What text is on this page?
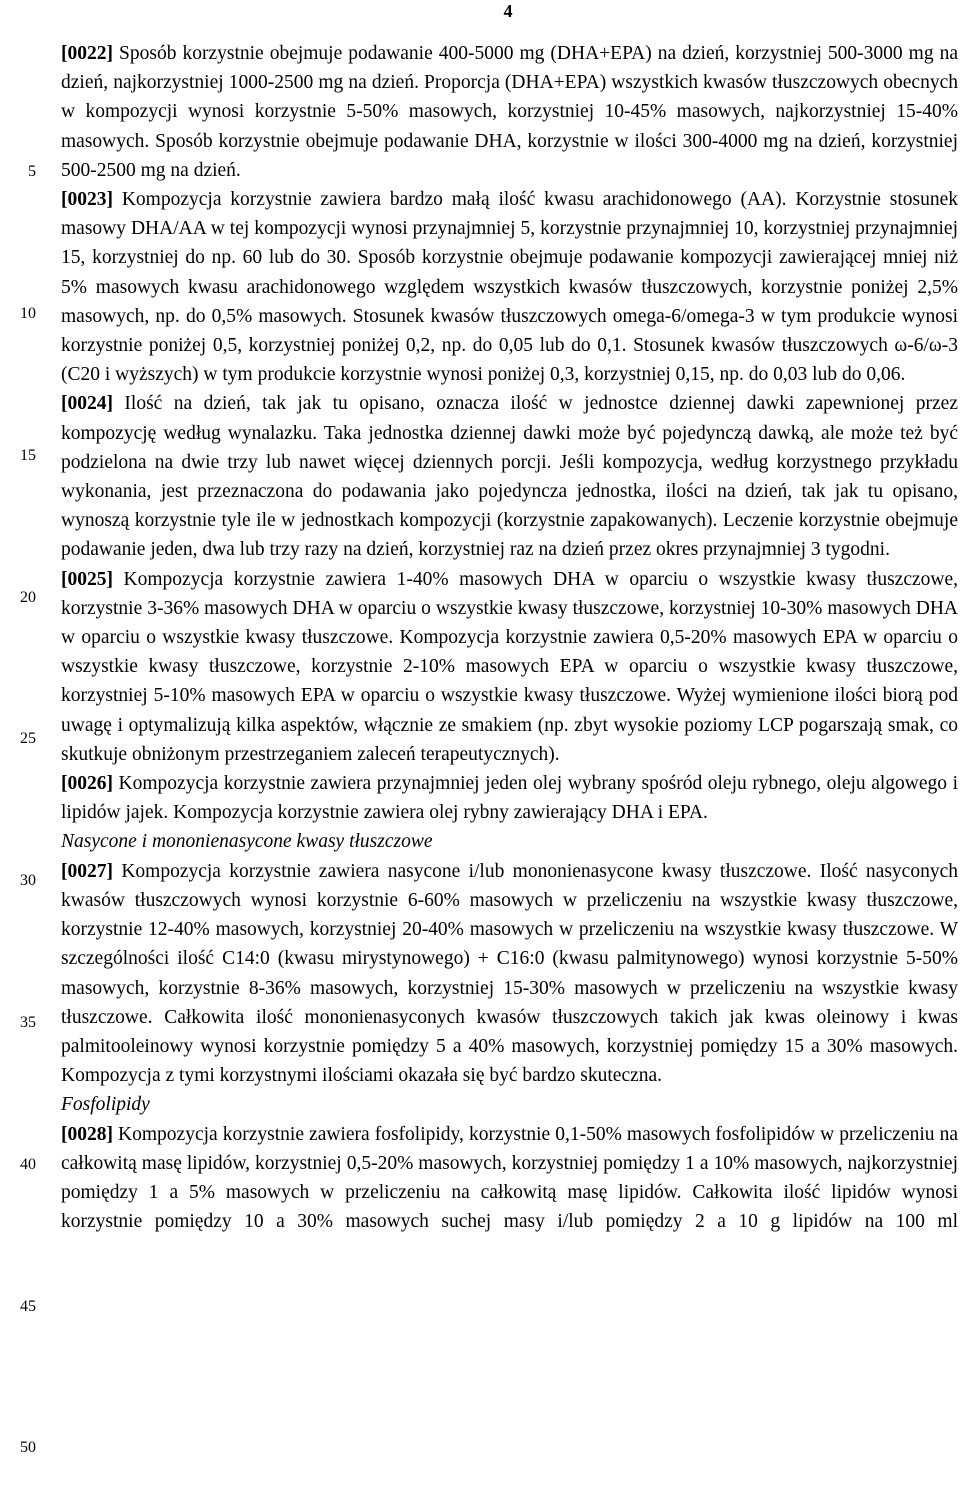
4
5
10
15
20
25
30
35
40
45
50

[0022] Sposób korzystnie obejmuje podawanie 400-5000 mg (DHA+EPA) na dzień, korzystniej 500-3000 mg na dzień, najkorzystniej 1000-2500 mg na dzień. Proporcja (DHA+EPA) wszystkich kwasów tłuszczowych obecnych w kompozycji wynosi korzystnie 5-50% masowych, korzystniej 10-45% masowych, najkorzystniej 15-40% masowych. Sposób korzystnie obejmuje podawanie DHA, korzystnie w ilości 300-4000 mg na dzień, korzystniej 500-2500 mg na dzień.

[0023] Kompozycja korzystnie zawiera bardzo małą ilość kwasu arachidonowego (AA). Korzystnie stosunek masowy DHA/AA w tej kompozycji wynosi przynajmniej 5, korzystnie przynajmniej 10, korzystniej przynajmniej 15, korzystniej do np. 60 lub do 30. Sposób korzystnie obejmuje podawanie kompozycji zawierającej mniej niż 5% masowych kwasu arachidonowego względem wszystkich kwasów tłuszczowych, korzystnie poniżej 2,5% masowych, np. do 0,5% masowych. Stosunek kwasów tłuszczowych omega-6/omega-3 w tym produkcie wynosi korzystnie poniżej 0,5, korzystniej poniżej 0,2, np. do 0,05 lub do 0,1. Stosunek kwasów tłuszczowych ω-6/ω-3 (C20 i wyższych) w tym produkcie korzystnie wynosi poniżej 0,3, korzystniej 0,15, np. do 0,03 lub do 0,06.

[0024] Ilość na dzień, tak jak tu opisano, oznacza ilość w jednostce dziennej dawki zapewnionej przez kompozycję według wynalazku. Taka jednostka dziennej dawki może być pojedynczą dawką, ale może też być podzielona na dwie trzy lub nawet więcej dziennych porcji. Jeśli kompozycja, według korzystnego przykładu wykonania, jest przeznaczona do podawania jako pojedyncza jednostka, ilości na dzień, tak jak tu opisano, wynoszą korzystnie tyle ile w jednostkach kompozycji (korzystnie zapakowanych). Leczenie korzystnie obejmuje podawanie jeden, dwa lub trzy razy na dzień, korzystniej raz na dzień przez okres przynajmniej 3 tygodni.

[0025] Kompozycja korzystnie zawiera 1-40% masowych DHA w oparciu o wszystkie kwasy tłuszczowe, korzystnie 3-36% masowych DHA w oparciu o wszystkie kwasy tłuszczowe, korzystniej 10-30% masowych DHA w oparciu o wszystkie kwasy tłuszczowe. Kompozycja korzystnie zawiera 0,5-20% masowych EPA w oparciu o wszystkie kwasy tłuszczowe, korzystnie 2-10% masowych EPA w oparciu o wszystkie kwasy tłuszczowe, korzystniej 5-10% masowych EPA w oparciu o wszystkie kwasy tłuszczowe. Wyżej wymienione ilości biorą pod uwagę i optymalizują kilka aspektów, włącznie ze smakiem (np. zbyt wysokie poziomy LCP pogarszają smak, co skutkuje obniżonym przestrzeganiem zaleceń terapeutycznych).

[0026] Kompozycja korzystnie zawiera przynajmniej jeden olej wybrany spośród oleju rybnego, oleju algowego i lipidów jajek. Kompozycja korzystnie zawiera olej rybny zawierający DHA i EPA.

Nasycone i mononienasycone kwasy tłuszczowe

[0027] Kompozycja korzystnie zawiera nasycone i/lub mononienasycone kwasy tłuszczowe. Ilość nasyconych kwasów tłuszczowych wynosi korzystnie 6-60% masowych w przeliczeniu na wszystkie kwasy tłuszczowe, korzystnie 12-40% masowych, korzystniej 20-40% masowych w przeliczeniu na wszystkie kwasy tłuszczowe. W szczególności ilość C14:0 (kwasu mirystynowego) + C16:0 (kwasu palmitynowego) wynosi korzystnie 5-50% masowych, korzystnie 8-36% masowych, korzystniej 15-30% masowych w przeliczeniu na wszystkie kwasy tłuszczowe. Całkowita ilość mononienasyconych kwasów tłuszczowych takich jak kwas oleinowy i kwas palmitooleinowy wynosi korzystnie pomiędzy 5 a 40% masowych, korzystniej pomiędzy 15 a 30% masowych. Kompozycja z tymi korzystnymi ilościami okazała się być bardzo skuteczna.

Fosfolipidy

[0028] Kompozycja korzystnie zawiera fosfolipidy, korzystnie 0,1-50% masowych fosfolipidów w przeliczeniu na całkowitą masę lipidów, korzystniej 0,5-20% masowych, korzystniej pomiędzy 1 a 10% masowych, najkorzystniej pomiędzy 1 a 5% masowych w przeliczeniu na całkowitą masę lipidów. Całkowita ilość lipidów wynosi korzystnie pomiędzy 10 a 30% masowych suchej masy i/lub pomiędzy 2 a 10 g lipidów na 100 ml
